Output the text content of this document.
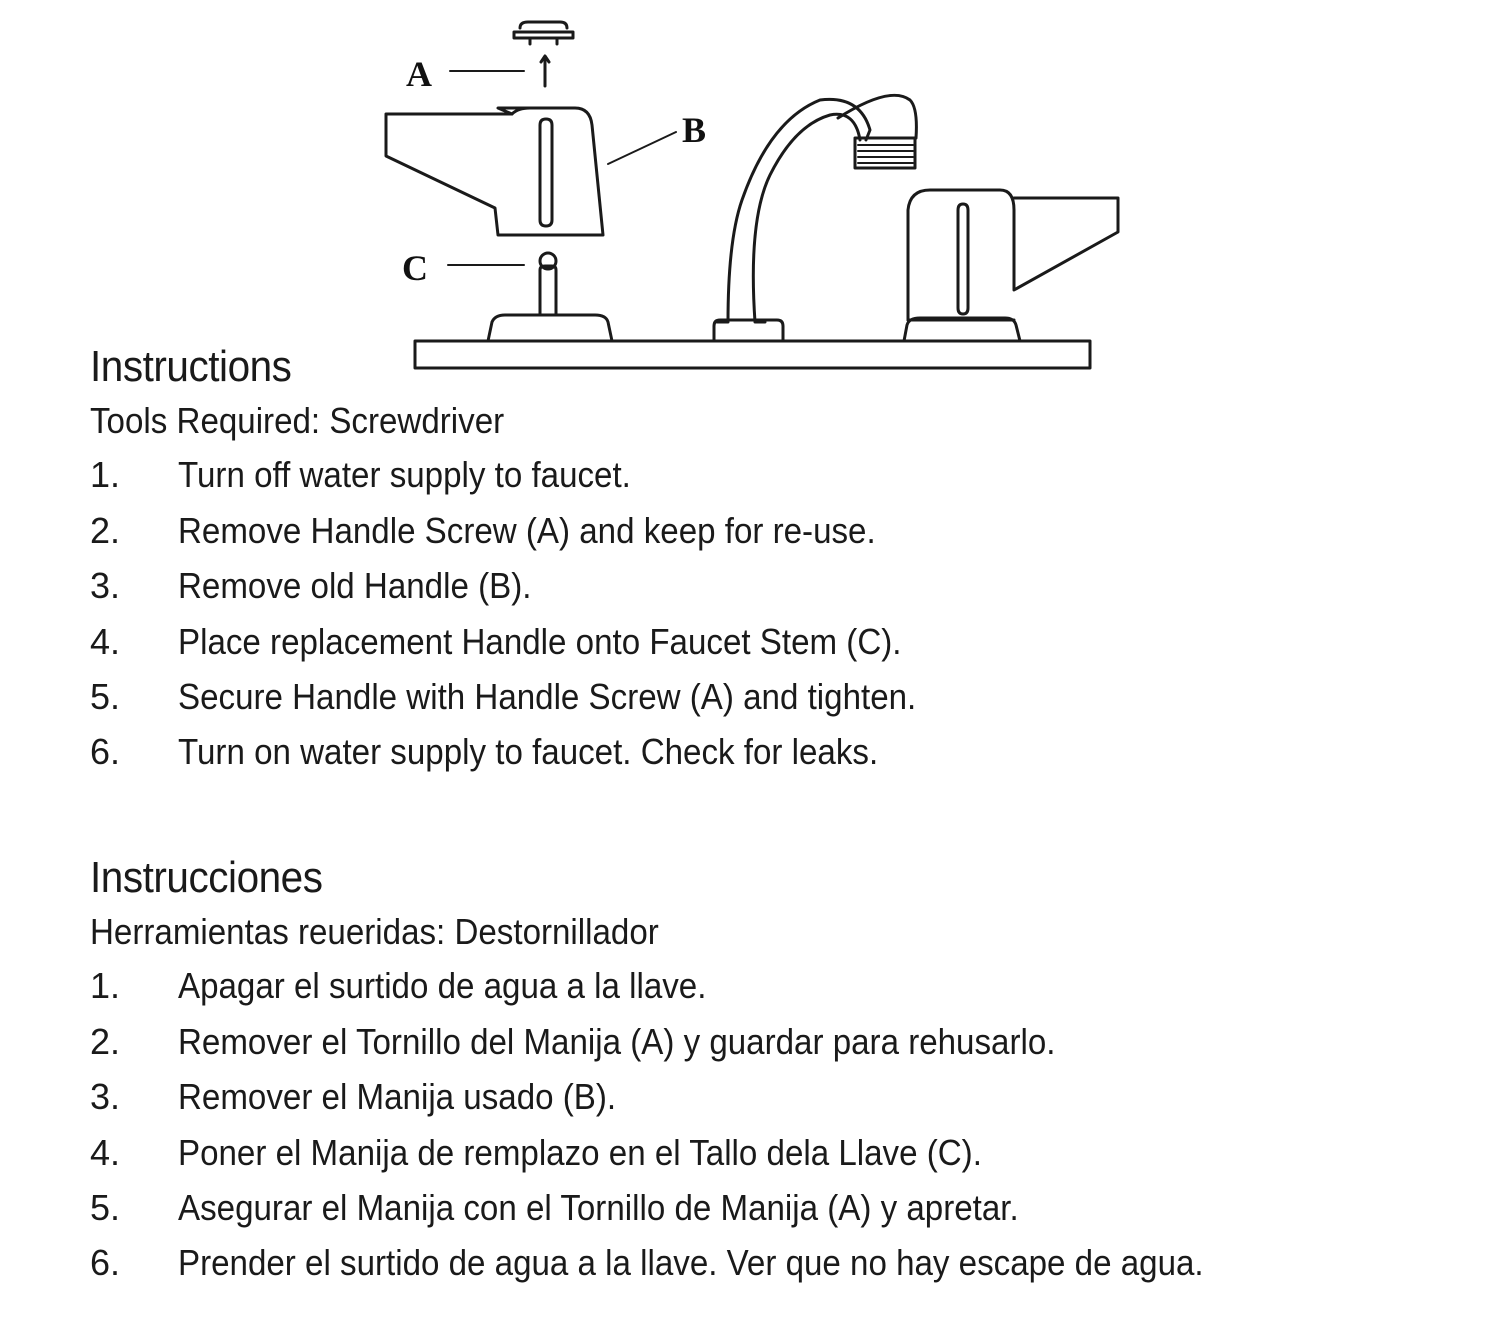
A
B
C
Instructions

Tools Required: Screwdriver

1.	Turn off water supply to faucet.
2.	Remove Handle Screw (A) and keep for re-use.
3.	Remove old Handle (B).
4.	Place replacement Handle onto Faucet Stem (C).
5.	Secure Handle with Handle Screw (A) and tighten.
6.	Turn on water supply to faucet. Check for leaks.
Instrucciones

Herramientas reueridas: Destornillador

1.	Apagar el surtido de agua a la llave.
2.	Remover el Tornillo del Manija (A) y guardar para rehusarlo.
3.	Remover el Manija usado (B).
4.	Poner el Manija de remplazo en el Tallo dela Llave (C).
5.	Asegurar el Manija con el Tornillo de Manija (A) y apretar.
6.	Prender el surtido de agua a la llave. Ver que no hay escape de agua.
